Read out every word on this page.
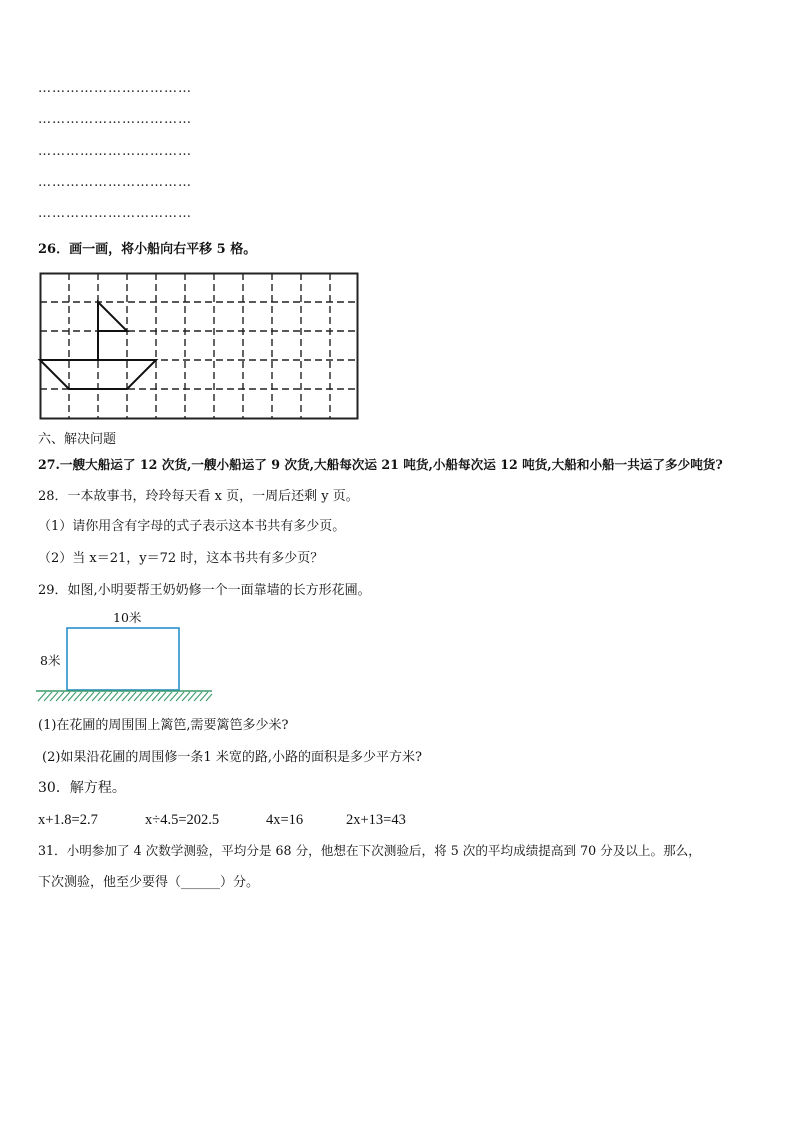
……………………………
……………………………
……………………………
……………………………
……………………………
26．画一画，将小船向右平移 5 格。
六、解决问题
27.一艘大船运了 12 次货,一艘小船运了 9 次货,大船每次运 21 吨货,小船每次运 12 吨货,大船和小船一共运了多少吨货?
28．一本故事书，玲玲每天看 x 页，一周后还剩 y 页。
（1）请你用含有字母的式子表示这本书共有多少页。
（2）当 x＝21，y＝72 时，这本书共有多少页？
29．如图,小明要帮王奶奶修一个一面靠墙的长方形花圃。
10米
8米
(1)在花圃的周围围上篱笆,需要篱笆多少米?
(2)如果沿花圃的周围修一条1 米宽的路,小路的面积是多少平方米?
30．解方程。
x+1.8=2.7	x÷4.5=202.5	4x=16	2x+13=43
31．小明参加了 4 次数学测验，平均分是 68 分，他想在下次测验后，将 5 次的平均成绩提高到 70 分及以上。那么，
下次测验，他至少要得（______）分。
